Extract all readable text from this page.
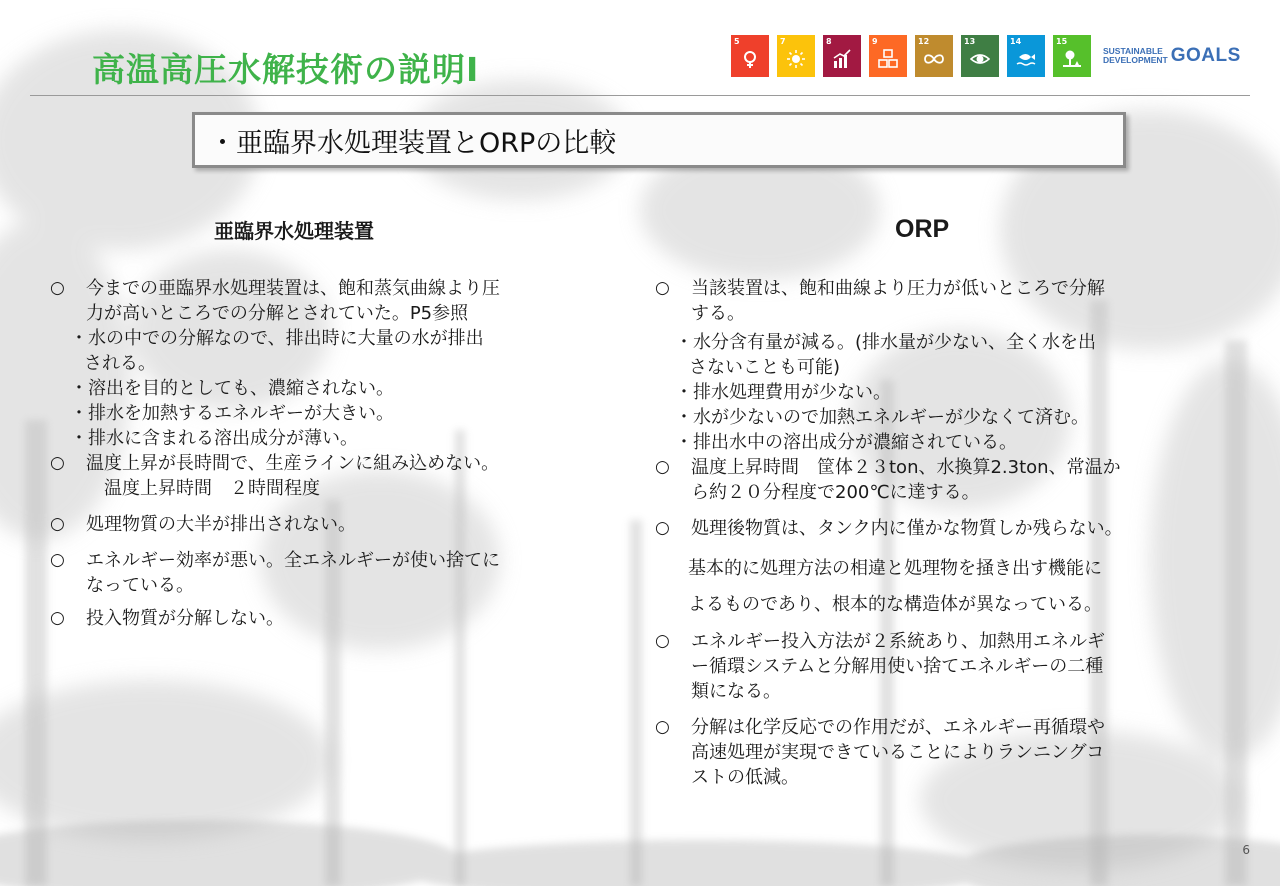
高温高圧水解技術の説明Ⅰ
5	7	8	9	12	13	14	15
SUSTAINABLE
DEVELOPMENT GOALS
・亜臨界水処理装置とORPの比較
亜臨界水処理装置	ORP
○	今までの亜臨界水処理装置は、飽和蒸気曲線より圧
力が高いところでの分解とされていた。P5参照
・水の中での分解なので、排出時に大量の水が排出
される。
・溶出を目的としても、濃縮されない。
・排水を加熱するエネルギーが大きい。
・排水に含まれる溶出成分が薄い。
○	温度上昇が長時間で、生産ラインに組み込めない。
　温度上昇時間　２時間程度
○	処理物質の大半が排出されない。
○	エネルギー効率が悪い。全エネルギーが使い捨てに
なっている。
○	投入物質が分解しない。
○	当該装置は、飽和曲線より圧力が低いところで分解
する。
・水分含有量が減る。(排水量が少ない、全く水を出
さないことも可能)
・排水処理費用が少ない。
・水が少ないので加熱エネルギーが少なくて済む。
・排出水中の溶出成分が濃縮されている。
○	温度上昇時間　筐体２３ton、水換算2.3ton、常温か
ら約２０分程度で200℃に達する。
○	処理後物質は、タンク内に僅かな物質しか残らない。
基本的に処理方法の相違と処理物を掻き出す機能に
よるものであり、根本的な構造体が異なっている。
○	エネルギー投入方法が２系統あり、加熱用エネルギ
ー循環システムと分解用使い捨てエネルギーの二種
類になる。
○	分解は化学反応での作用だが、エネルギー再循環や
高速処理が実現できていることによりランニングコ
ストの低減。
6
